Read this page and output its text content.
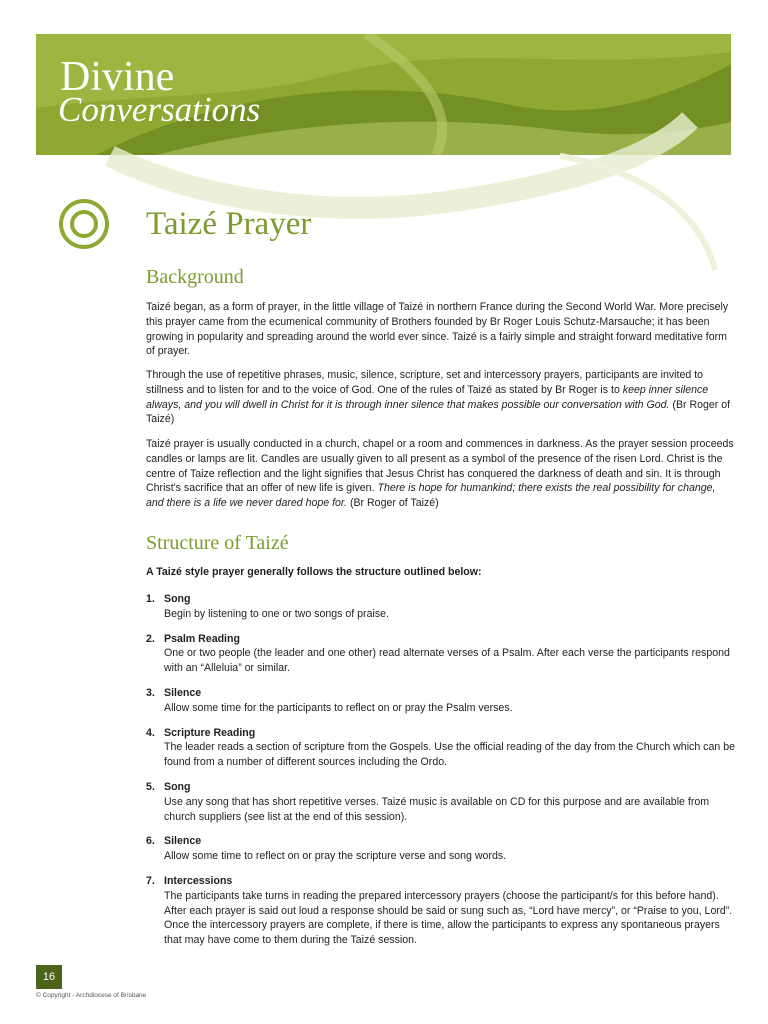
Divine
Conversations
Taizé Prayer
Background

Taizé began, as a form of prayer, in the little village of Taizé in northern France during the Second World War. More precisely this prayer came from the ecumenical community of Brothers founded by Br Roger Louis Schutz-Marsauche; it has been growing in popularity and spreading around the world ever since. Taizé is a fairly simple and straight forward meditative form of prayer.

Through the use of repetitive phrases, music, silence, scripture, set and intercessory prayers, participants are invited to stillness and to listen for and to the voice of God. One of the rules of Taizé as stated by Br Roger is to keep inner silence always, and you will dwell in Christ for it is through inner silence that makes possible our conversation with God. (Br Roger of Taizé)

Taizé prayer is usually conducted in a church, chapel or a room and commences in darkness. As the prayer session proceeds candles or lamps are lit. Candles are usually given to all present as a symbol of the presence of the risen Lord. Christ is the centre of Taize reflection and the light signifies that Jesus Christ has conquered the darkness of death and sin. It is through Christ's sacrifice that an offer of new life is given. There is hope for humankind; there exists the real possibility for change, and there is a life we never dared hope for. (Br Roger of Taizé)

Structure of Taizé

A Taizé style prayer generally follows the structure outlined below:

1. Song
Begin by listening to one or two songs of praise.
2. Psalm Reading
One or two people (the leader and one other) read alternate verses of a Psalm. After each verse the participants respond with an “Alleluia” or similar.
3. Silence
Allow some time for the participants to reflect on or pray the Psalm verses.
4. Scripture Reading
The leader reads a section of scripture from the Gospels. Use the official reading of the day from the Church which can be found from a number of different sources including the Ordo.
5. Song
Use any song that has short repetitive verses. Taizé music is available on CD for this purpose and are available from church suppliers (see list at the end of this session).
6. Silence
Allow some time to reflect on or pray the scripture verse and song words.
7. Intercessions
The participants take turns in reading the prepared intercessory prayers (choose the participant/s for this before hand). After each prayer is said out loud a response should be said or sung such as, “Lord have mercy”, or “Praise to you, Lord”. Once the intercessory prayers are complete, if there is time, allow the participants to express any spontaneous prayers that may have come to them during the Taizé session.
16
© Copyright - Archdiocese of Brisbane
